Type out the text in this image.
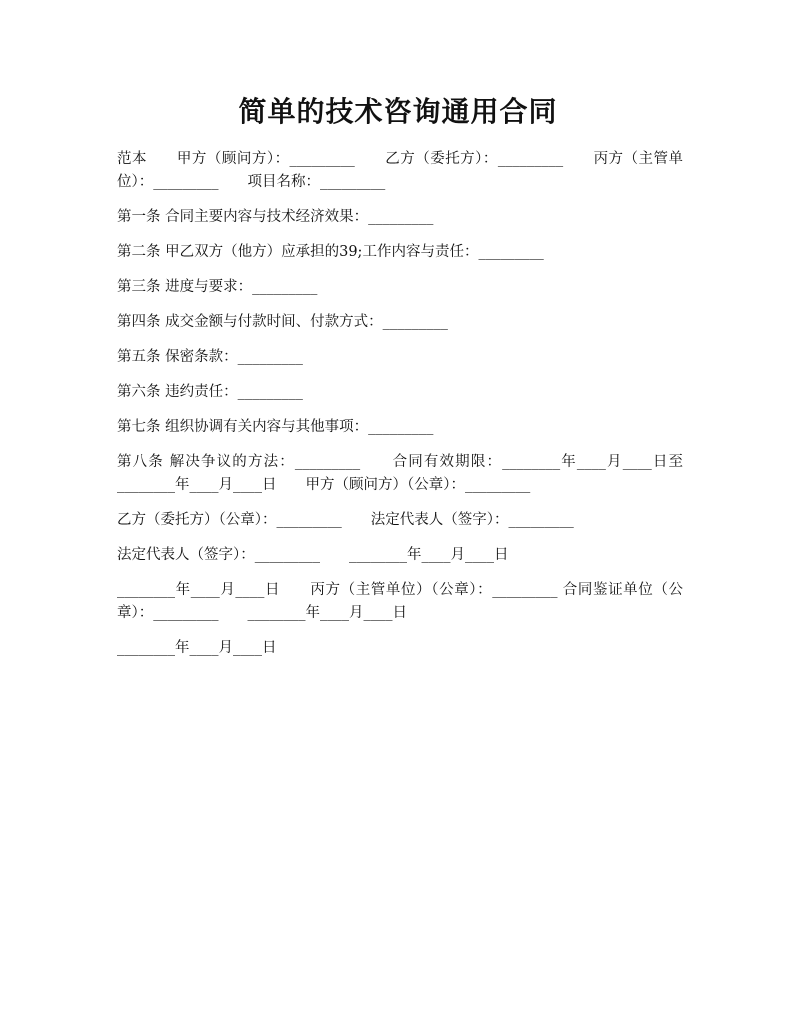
简单的技术咨询通用合同

范本　　甲方（顾问方）：_________　　乙方（委托方）：_________　　丙方（主管单位）：_________　　项目名称：_________

第一条 合同主要内容与技术经济效果：_________

第二条 甲乙双方（他方）应承担的39;工作内容与责任：_________

第三条 进度与要求：_________

第四条 成交金额与付款时间、付款方式：_________

第五条 保密条款：_________

第六条 违约责任：_________

第七条 组织协调有关内容与其他事项：_________

第八条 解决争议的方法：_________　　合同有效期限：________年____月____日至________年____月____日　　甲方（顾问方）（公章）：_________

乙方（委托方）（公章）：_________　　法定代表人（签字）：_________

法定代表人（签字）：_________　　________年____月____日

________年____月____日　　丙方（主管单位）（公章）：_________ 合同鉴证单位（公章）：_________　　________年____月____日

________年____月____日
